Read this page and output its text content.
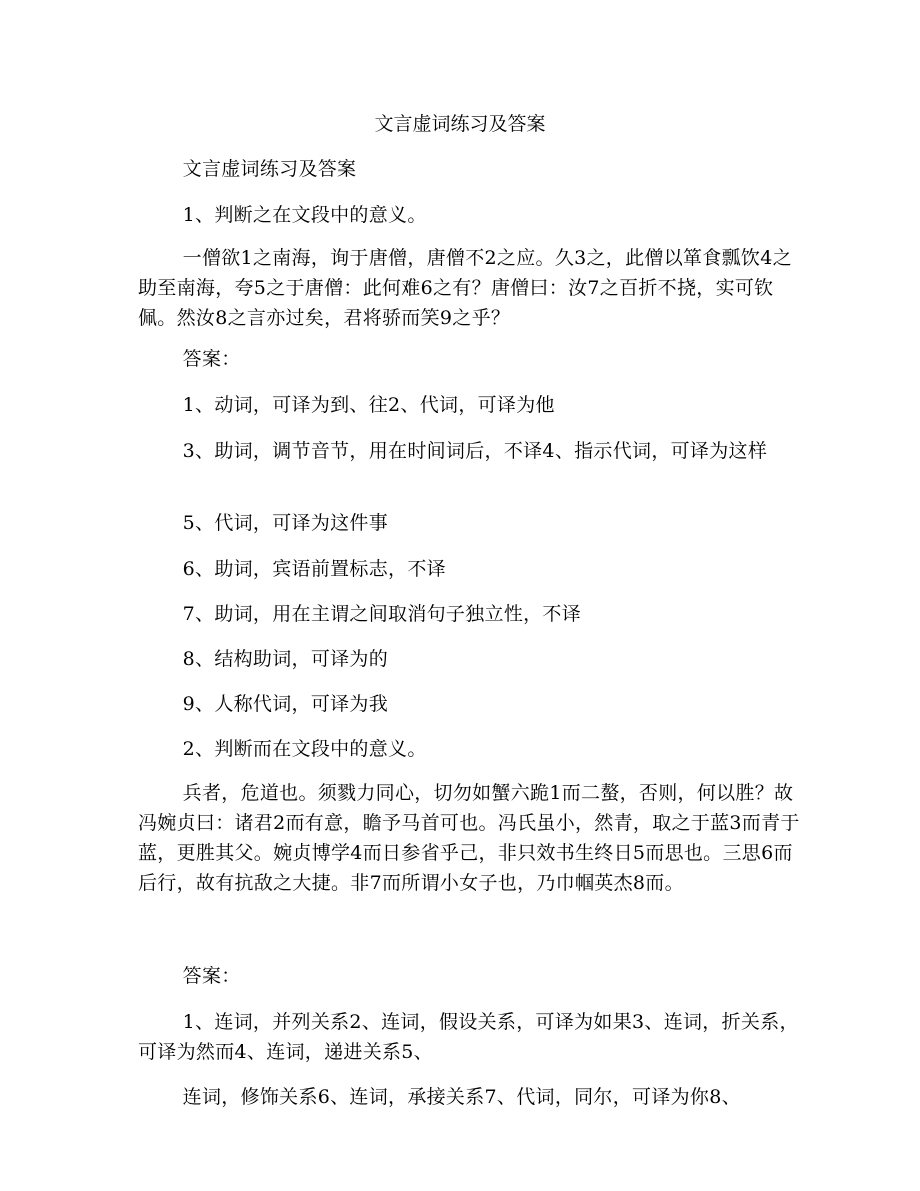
文言虚词练习及答案

文言虚词练习及答案

1、判断之在文段中的意义。

一僧欲1之南海，询于唐僧，唐僧不2之应。久3之，此僧以箪食瓢饮4之助至南海，夸5之于唐僧：此何难6之有？唐僧曰：汝7之百折不挠，实可钦佩。然汝8之言亦过矣，君将骄而笑9之乎？

答案：

1、动词，可译为到、往2、代词，可译为他

3、助词，调节音节，用在时间词后，不译4、指示代词，可译为这样

5、代词，可译为这件事

6、助词，宾语前置标志，不译

7、助词，用在主谓之间取消句子独立性，不译

8、结构助词，可译为的

9、人称代词，可译为我

2、判断而在文段中的意义。

兵者，危道也。须戮力同心，切勿如蟹六跪1而二螯，否则，何以胜？故冯婉贞曰：诸君2而有意，瞻予马首可也。冯氏虽小，然青，取之于蓝3而青于蓝，更胜其父。婉贞博学4而日参省乎己，非只效书生终日5而思也。三思6而后行，故有抗敌之大捷。非7而所谓小女子也，乃巾帼英杰8而。

答案：

1、连词，并列关系2、连词，假设关系，可译为如果3、连词，折关系，可译为然而4、连词，递进关系5、

连词，修饰关系6、连词，承接关系7、代词，同尔，可译为你8、
